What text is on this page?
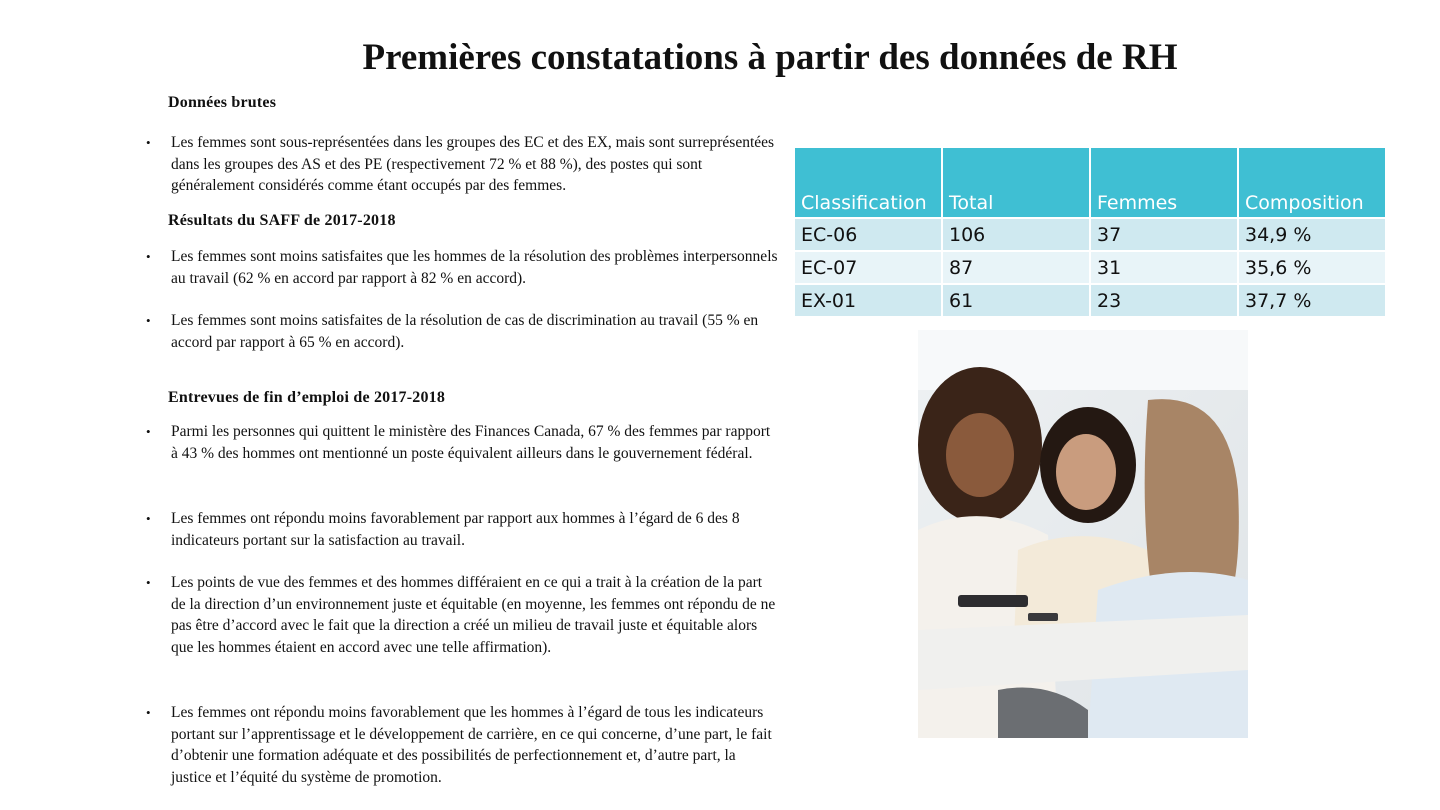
Premières constatations à partir des données de RH
Données brutes
• Les femmes sont sous-représentées dans les groupes des EC et des EX, mais sont surreprésentées dans les groupes des AS et des PE (respectivement 72 % et 88 %), des postes qui sont généralement considérés comme étant occupés par des femmes.
Résultats du SAFF de 2017-2018
• Les femmes sont moins satisfaites que les hommes de la résolution des problèmes interpersonnels au travail (62 % en accord par rapport à 82 % en accord).
• Les femmes sont moins satisfaites de la résolution de cas de discrimination au travail (55 % en accord par rapport à 65 % en accord).
Entrevues de fin d’emploi de 2017-2018
• Parmi les personnes qui quittent le ministère des Finances Canada, 67 % des femmes par rapport à 43 % des hommes ont mentionné un poste équivalent ailleurs dans le gouvernement fédéral.
• Les femmes ont répondu moins favorablement par rapport aux hommes à l’égard de 6 des 8 indicateurs portant sur la satisfaction au travail.
• Les points de vue des femmes et des hommes différaient en ce qui a trait à la création de la part de la direction d’un environnement juste et équitable (en moyenne, les femmes ont répondu de ne pas être d’accord avec le fait que la direction a créé un milieu de travail juste et équitable alors que les hommes étaient en accord avec une telle affirmation).
• Les femmes ont répondu moins favorablement que les hommes à l’égard de tous les indicateurs portant sur l’apprentissage et le développement de carrière, en ce qui concerne, d’une part, le fait d’obtenir une formation adéquate et des possibilités de perfectionnement et, d’autre part, la justice et l’équité du système de promotion.
Classification	Total	Femmes	Composition
EC-06	106	37	34,9 %
EC-07	87	31	35,6 %
EX-01	61	23	37,7 %
